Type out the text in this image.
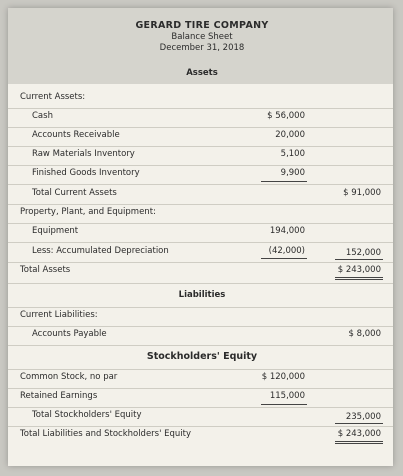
GERARD TIRE COMPANY
Balance Sheet
December 31, 2018
Assets
Current Assets:
Cash	$ 56,000
Accounts Receivable	20,000
Raw Materials Inventory	5,100
Finished Goods Inventory	9,900
Total Current Assets	$ 91,000
Property, Plant, and Equipment:
Equipment	194,000
Less: Accumulated Depreciation	(42,000)	152,000
Total Assets	$ 243,000
Liabilities
Current Liabilities:
Accounts Payable	$ 8,000
Stockholders' Equity
Common Stock, no par	$ 120,000
Retained Earnings	115,000
Total Stockholders' Equity	235,000
Total Liabilities and Stockholders' Equity	$ 243,000
